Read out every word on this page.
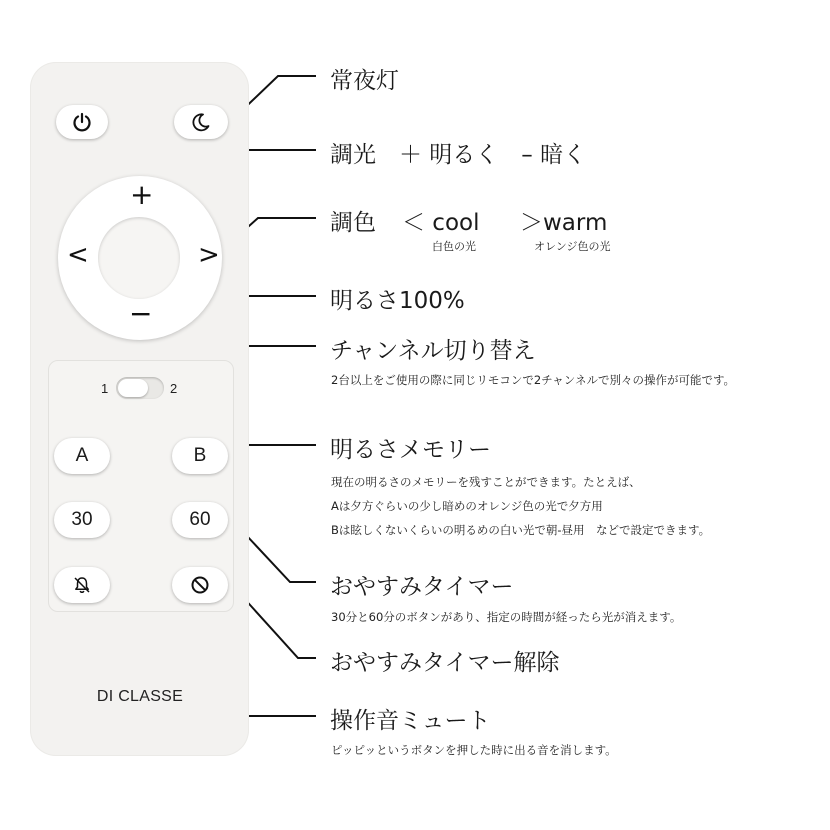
+
−
<	>
1	2
A	B
30	60
DI CLASSE
常夜灯
調光　＋ 明るく　– 暗く
調色 ＜ cool ＞warm
白色の光	オレンジ色の光
明るさ100%
チャンネル切り替え
2台以上をご使用の際に同じリモコンで2チャンネルで別々の操作が可能です。
明るさメモリー
現在の明るさのメモリーを残すことができます。たとえば、
Aは夕方ぐらいの少し暗めのオレンジ色の光で夕方用
Bは眩しくないくらいの明るめの白い光で朝-昼用　などで設定できます。
おやすみタイマー
30分と60分のボタンがあり、指定の時間が経ったら光が消えます。
おやすみタイマー解除
操作音ミュート
ピッピッというボタンを押した時に出る音を消します。
